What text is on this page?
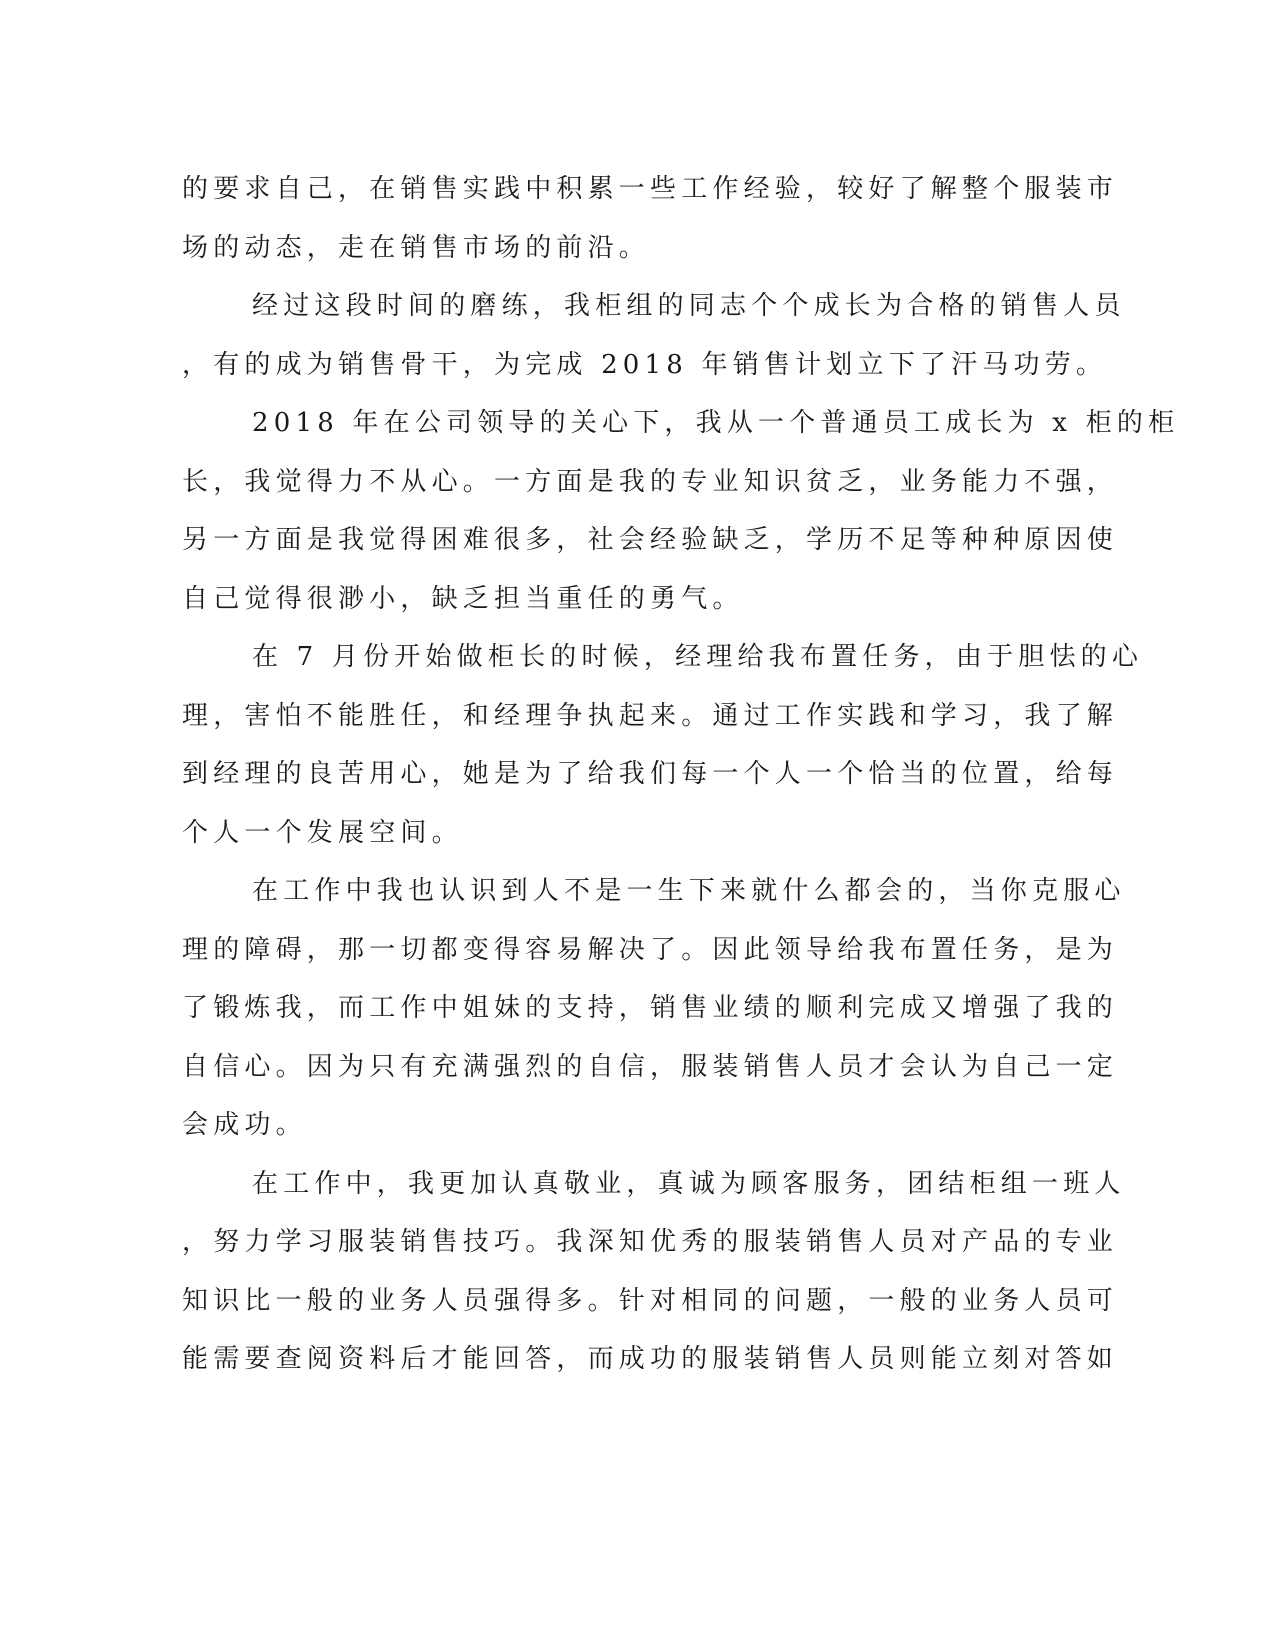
的要求自己，在销售实践中积累一些工作经验，较好了解整个服装市
场的动态，走在销售市场的前沿。
经过这段时间的磨练，我柜组的同志个个成长为合格的销售人员
，有的成为销售骨干，为完成 2018 年销售计划立下了汗马功劳。
2018 年在公司领导的关心下，我从一个普通员工成长为 x 柜的柜
长，我觉得力不从心。一方面是我的专业知识贫乏，业务能力不强，
另一方面是我觉得困难很多，社会经验缺乏，学历不足等种种原因使
自己觉得很渺小，缺乏担当重任的勇气。
在 7 月份开始做柜长的时候，经理给我布置任务，由于胆怯的心
理，害怕不能胜任，和经理争执起来。通过工作实践和学习，我了解
到经理的良苦用心，她是为了给我们每一个人一个恰当的位置，给每
个人一个发展空间。
在工作中我也认识到人不是一生下来就什么都会的，当你克服心
理的障碍，那一切都变得容易解决了。因此领导给我布置任务，是为
了锻炼我，而工作中姐妹的支持，销售业绩的顺利完成又增强了我的
自信心。因为只有充满强烈的自信，服装销售人员才会认为自己一定
会成功。
在工作中，我更加认真敬业，真诚为顾客服务，团结柜组一班人
，努力学习服装销售技巧。我深知优秀的服装销售人员对产品的专业
知识比一般的业务人员强得多。针对相同的问题，一般的业务人员可
能需要查阅资料后才能回答，而成功的服装销售人员则能立刻对答如
